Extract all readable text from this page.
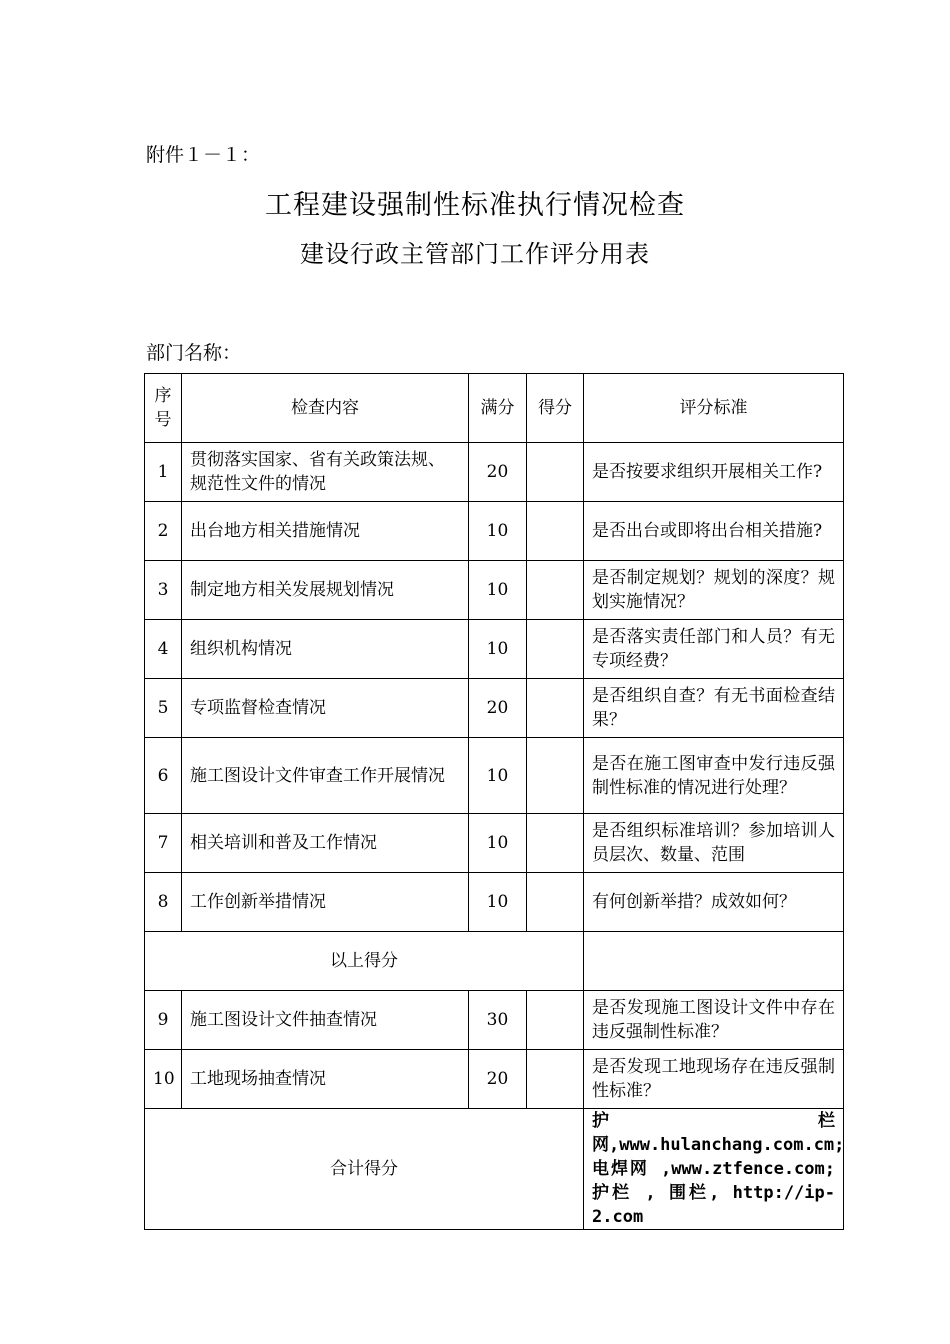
附件１－１：
工程建设强制性标准执行情况检查
建设行政主管部门工作评分用表
部门名称：
序号	检查内容	满分	得分	评分标准
1	贯彻落实国家、省有关政策法规、规范性文件的情况	20		是否按要求组织开展相关工作?
2	出台地方相关措施情况	10		是否出台或即将出台相关措施?
3	制定地方相关发展规划情况	10		是否制定规划？规划的深度？规划实施情况？
4	组织机构情况	10		是否落实责任部门和人员？有无专项经费？
5	专项监督检查情况	20		是否组织自查？有无书面检查结果？
6	施工图设计文件审查工作开展情况	10		是否在施工图审查中发行违反强制性标准的情况进行处理？
7	相关培训和普及工作情况	10		是否组织标准培训？参加培训人员层次、数量、范围
8	工作创新举措情况	10		有何创新举措？成效如何？
以上得分				
9	施工图设计文件抽查情况	30		是否发现施工图设计文件中存在违反强制性标准？
10	工地现场抽查情况	20		是否发现工地现场存在违反强制性标准？
合计得分				护栏网,www.hulanchang.com.cm; 电焊网 ,www.ztfence.com; 护栏 , 围栏, http://ip-2.com
